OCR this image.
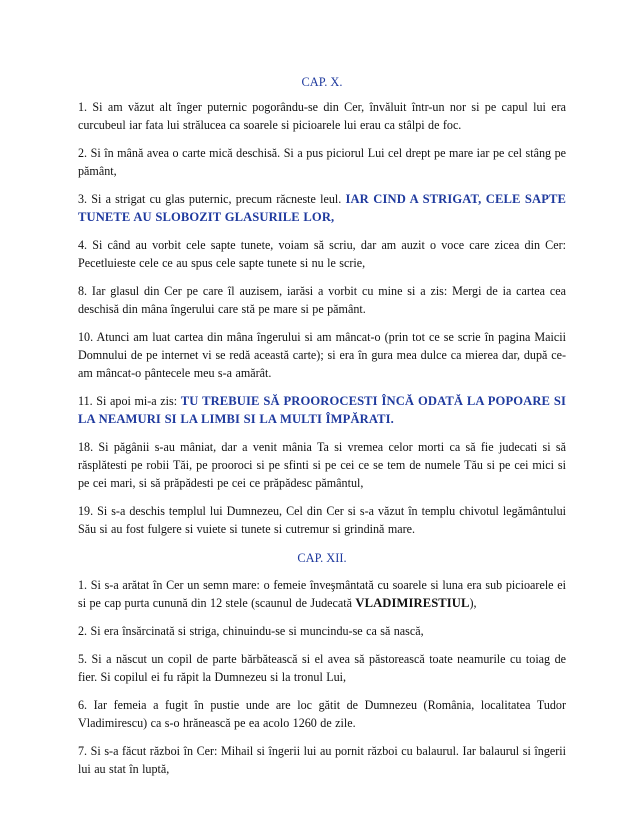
CAP. X.

1. Si am văzut alt înger puternic pogorându-se din Cer, învăluit într-un nor si pe capul lui era curcubeul iar fata lui strălucea ca soarele si picioarele lui erau ca stâlpi de foc.

2. Si în mână avea o carte mică deschisă. Si a pus piciorul Lui cel drept pe mare iar pe cel stâng pe pământ,

3. Si a strigat cu glas puternic, precum răcneste leul. IAR CIND A STRIGAT, CELE SAPTE TUNETE AU SLOBOZIT GLASURILE LOR,

4. Si când au vorbit cele sapte tunete, voiam să scriu, dar am auzit o voce care zicea din Cer: Pecetluieste cele ce au spus cele sapte tunete si nu le scrie,

8. Iar glasul din Cer pe care îl auzisem, iarăsi a vorbit cu mine si a zis: Mergi de ia cartea cea deschisă din mâna îngerului care stă pe mare si pe pământ.

10. Atunci am luat cartea din mâna îngerului si am mâncat-o (prin tot ce se scrie în pagina Maicii Domnului de pe internet vi se redă această carte); si era în gura mea dulce ca mierea dar, după ce-am mâncat-o pântecele meu s-a amărât.

11. Si apoi mi-a zis: TU TREBUIE SĂ PROOROCESTI ÎNCĂ ODATĂ LA POPOARE SI LA NEAMURI SI LA LIMBI SI LA MULTI ÎMPĂRATI.

18. Si păgânii s-au mâniat, dar a venit mânia Ta si vremea celor morti ca să fie judecati si să răsplătesti pe robii Tăi, pe prooroci si pe sfinti si pe cei ce se tem de numele Tău si pe cei mici si pe cei mari, si să prăpădesti pe cei ce prăpădesc pământul,

19. Si s-a deschis templul lui Dumnezeu, Cel din Cer si s-a văzut în templu chivotul legământului Său si au fost fulgere si vuiete si tunete si cutremur si grindină mare.

CAP. XII.

1. Si s-a arătat în Cer un semn mare: o femeie înveşmântată cu soarele si luna era sub picioarele ei si pe cap purta cunună din 12 stele (scaunul de Judecată VLADIMIRESTIUL),

2. Si era însărcinată si striga, chinuindu-se si muncindu-se ca să nască,

5. Si a născut un copil de parte bărbătească si el avea să păstorească toate neamurile cu toiag de fier. Si copilul ei fu răpit la Dumnezeu si la tronul Lui,

6. Iar femeia a fugit în pustie unde are loc gătit de Dumnezeu (România, localitatea Tudor Vladimirescu) ca s-o hrănească pe ea acolo 1260 de zile.

7. Si s-a făcut război în Cer: Mihail si îngerii lui au pornit război cu balaurul. Iar balaurul si îngerii lui au stat în luptă,
